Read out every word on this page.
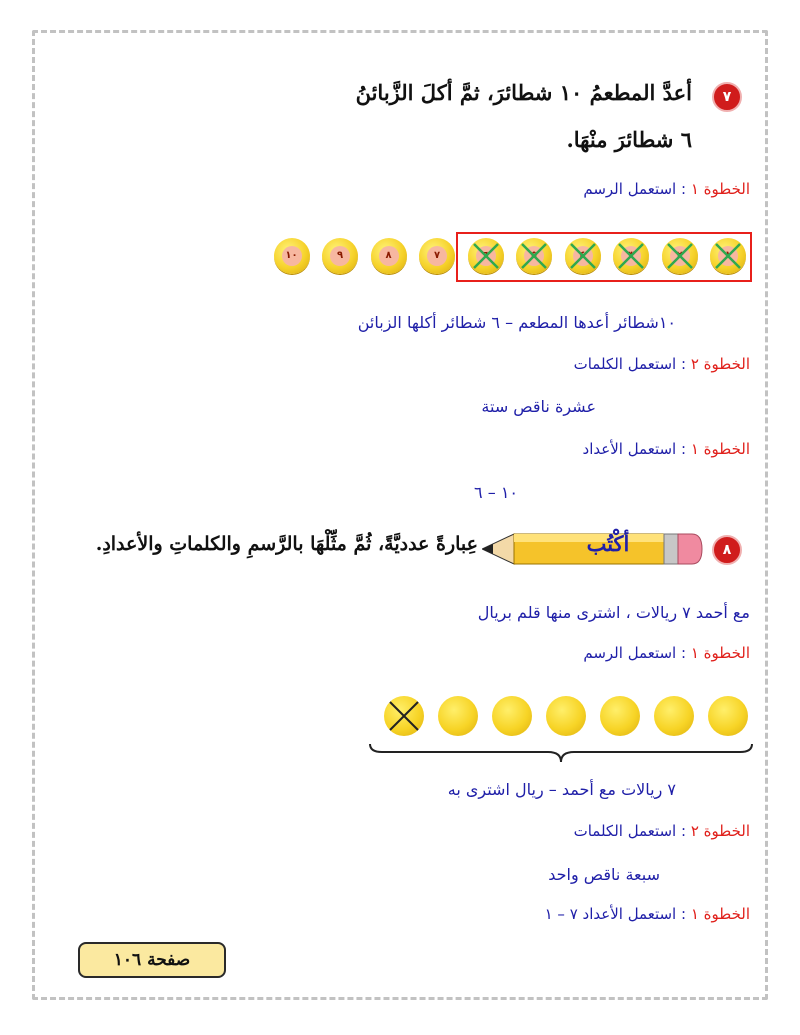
٧
أعدَّ المطعمُ ١٠ شطائرَ، ثمَّ أكلَ الزَّبائنُ
٦ شطائرَ منْهَا.
الخطوة ١ : استعمل الرسم
١٠	٩	٨	٧
١٠شطائر أعدها المطعم – ٦ شطائر أكلها الزبائن
الخطوة ٢ : استعمل الكلمات
عشرة ناقص ستة
الخطوة ١ : استعمل الأعداد
١٠ – ٦
٨
أكْتُب
عِبارةً عدديَّةً، ثُمَّ مثِّلْهَا بالرَّسمِ والكلماتِ والأعدادِ.
مع أحمد ٧ ريالات ، اشترى منها قلم بريال
الخطوة ١ : استعمل الرسم
٧ ريالات مع أحمد – ريال اشترى به
الخطوة ٢ : استعمل الكلمات
سبعة ناقص واحد
الخطوة ١ : استعمل الأعداد ٧ – ١
صفحة ١٠٦
